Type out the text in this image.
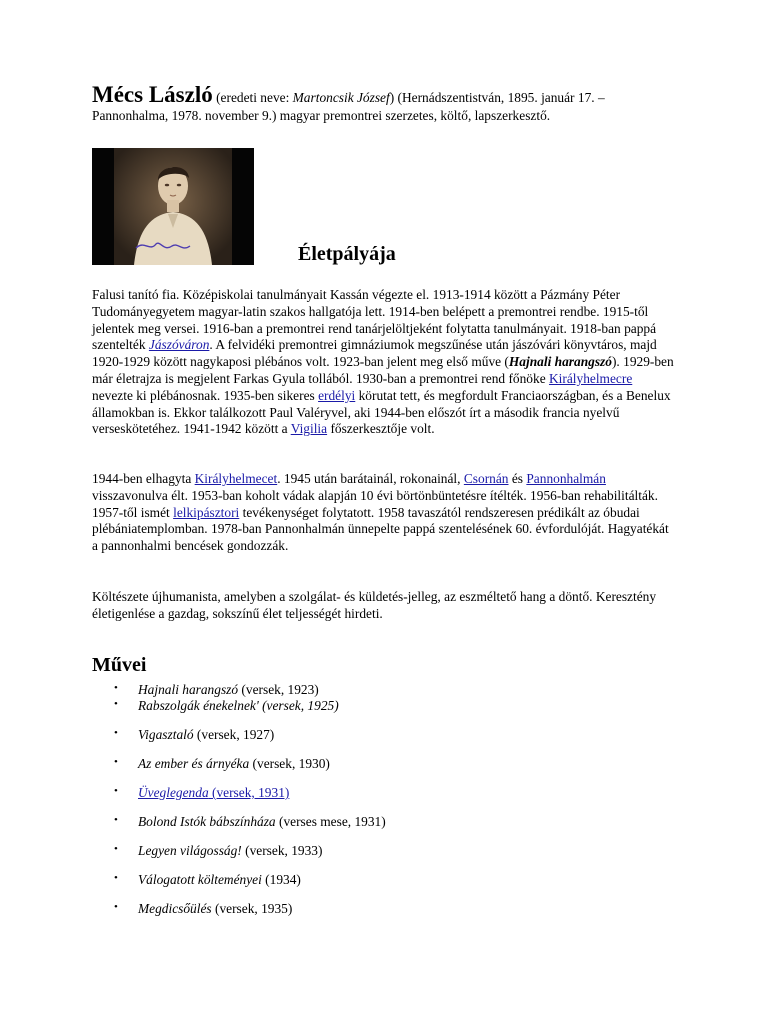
Mécs László (eredeti neve: Martoncsik József) (Hernádszentistván, 1895. január 17. – Pannonhalma, 1978. november 9.) magyar premontrei szerzetes, költő, lapszerkesztő.
Életpályája

Falusi tanító fia. Középiskolai tanulmányait Kassán végezte el. 1913-1914 között a Pázmány Péter Tudományegyetem magyar-latin szakos hallgatója lett. 1914-ben belépett a premontrei rendbe. 1915-től jelentek meg versei. 1916-ban a premontrei rend tanárjelöltjeként folytatta tanulmányait. 1918-ban pappá szentelték Jászóváron. A felvidéki premontrei gimnáziumok megszűnése után jászóvári könyvtáros, majd 1920-1929 között nagykaposi plébános volt. 1923-ban jelent meg első műve (Hajnali harangszó). 1929-ben már életrajza is megjelent Farkas Gyula tollából. 1930-ban a premontrei rend főnöke Királyhelmecre nevezte ki plébánosnak. 1935-ben sikeres erdélyi körutat tett, és megfordult Franciaországban, és a Benelux államokban is. Ekkor találkozott Paul Valéryvel, aki 1944-ben előszót írt a második francia nyelvű verseskötetéhez. 1941-1942 között a Vigilia főszerkesztője volt.

1944-ben elhagyta Királyhelmecet. 1945 után barátainál, rokonainál, Csornán és Pannonhalmán visszavonulva élt. 1953-ban koholt vádak alapján 10 évi börtönbüntetésre ítélték. 1956-ban rehabilitálták. 1957-től ismét lelkipásztori tevékenységet folytatott. 1958 tavaszától rendszeresen prédikált az óbudai plébániatemplomban. 1978-ban Pannonhalmán ünnepelte pappá szentelésének 60. évfordulóját. Hagyatékát a pannonhalmi bencések gondozzák.

Költészete újhumanista, amelyben a szolgálat- és küldetés-jelleg, az eszméltető hang a döntő. Keresztény életigenlése a gazdag, sokszínű élet teljességét hirdeti.

Művei
• Hajnali harangszó (versek, 1923)
• Rabszolgák énekelnek' (versek, 1925)
• Vigasztaló (versek, 1927)
• Az ember és árnyéka (versek, 1930)
• Üveglegenda (versek, 1931)
• Bolond Istók bábszínháza (verses mese, 1931)
• Legyen világosság! (versek, 1933)
• Válogatott költeményei (1934)
• Megdicsőülés (versek, 1935)
